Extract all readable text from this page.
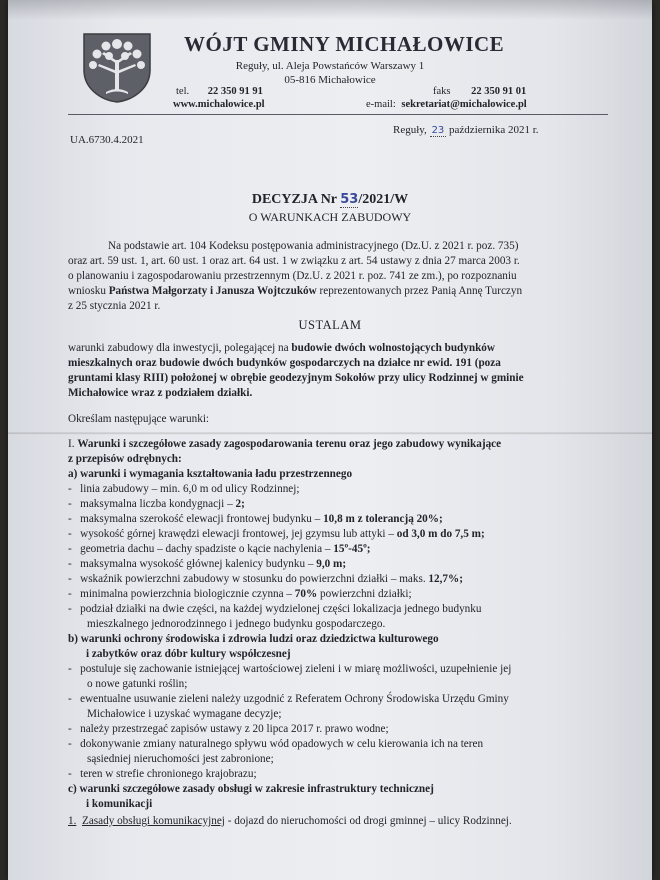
WÓJT GMINY MICHAŁOWICE
Reguły, ul. Aleja Powstańców Warszawy 1
05-816 Michałowice
tel. 22 350 91 91
www.michalowice.pl
faks 22 350 91 01
e-mail: sekretariat@michalowice.pl
UA.6730.4.2021
Reguły, 23 października 2021 r.
DECYZJA Nr 53/2021/W
O WARUNKACH ZABUDOWY
Na podstawie art. 104 Kodeksu postępowania administracyjnego (Dz.U. z 2021 r. poz. 735)
oraz art. 59 ust. 1, art. 60 ust. 1 oraz art. 64 ust. 1 w związku z art. 54 ustawy z dnia 27 marca 2003 r.
o planowaniu i zagospodarowaniu przestrzennym (Dz.U. z 2021 r. poz. 741 ze zm.), po rozpoznaniu
wniosku Państwa Małgorzaty i Janusza Wojtczuków reprezentowanych przez Panią Annę Turczyn
z 25 stycznia 2021 r.
USTALAM
warunki zabudowy dla inwestycji, polegającej na budowie dwóch wolnostojących budynków
mieszkalnych oraz budowie dwóch budynków gospodarczych na działce nr ewid. 191 (poza
gruntami klasy RIII) położonej w obrębie geodezyjnym Sokołów przy ulicy Rodzinnej w gminie
Michałowice wraz z podziałem działki.
Określam następujące warunki:
I. Warunki i szczegółowe zasady zagospodarowania terenu oraz jego zabudowy wynikające
z przepisów odrębnych:
a) warunki i wymagania kształtowania ładu przestrzennego
-   linia zabudowy – min. 6,0 m od ulicy Rodzinnej;
-   maksymalna liczba kondygnacji – 2;
-   maksymalna szerokość elewacji frontowej budynku – 10,8 m z tolerancją 20%;
-   wysokość górnej krawędzi elewacji frontowej, jej gzymsu lub attyki – od 3,0 m do 7,5 m;
-   geometria dachu – dachy spadziste o kącie nachylenia – 15º-45º;
-   maksymalna wysokość głównej kalenicy budynku – 9,0 m;
-   wskaźnik powierzchni zabudowy w stosunku do powierzchni działki – maks. 12,7%;
-   minimalna powierzchnia biologicznie czynna – 70% powierzchni działki;
-   podział działki na dwie części, na każdej wydzielonej części lokalizacja jednego budynku
mieszkalnego jednorodzinnego i jednego budynku gospodarczego.
b) warunki ochrony środowiska i zdrowia ludzi oraz dziedzictwa kulturowego
i zabytków oraz dóbr kultury współczesnej
-   postuluje się zachowanie istniejącej wartościowej zieleni i w miarę możliwości, uzupełnienie jej
o nowe gatunki roślin;
-   ewentualne usuwanie zieleni należy uzgodnić z Referatem Ochrony Środowiska Urzędu Gminy
Michałowice i uzyskać wymagane decyzje;
-   należy przestrzegać zapisów ustawy z 20 lipca 2017 r. prawo wodne;
-   dokonywanie zmiany naturalnego spływu wód opadowych w celu kierowania ich na teren
sąsiedniej nieruchomości jest zabronione;
-   teren w strefie chronionego krajobrazu;
c) warunki szczegółowe zasady obsługi w zakresie infrastruktury technicznej
i komunikacji
1. Zasady obsługi komunikacyjnej - dojazd do nieruchomości od drogi gminnej – ulicy Rodzinnej.
